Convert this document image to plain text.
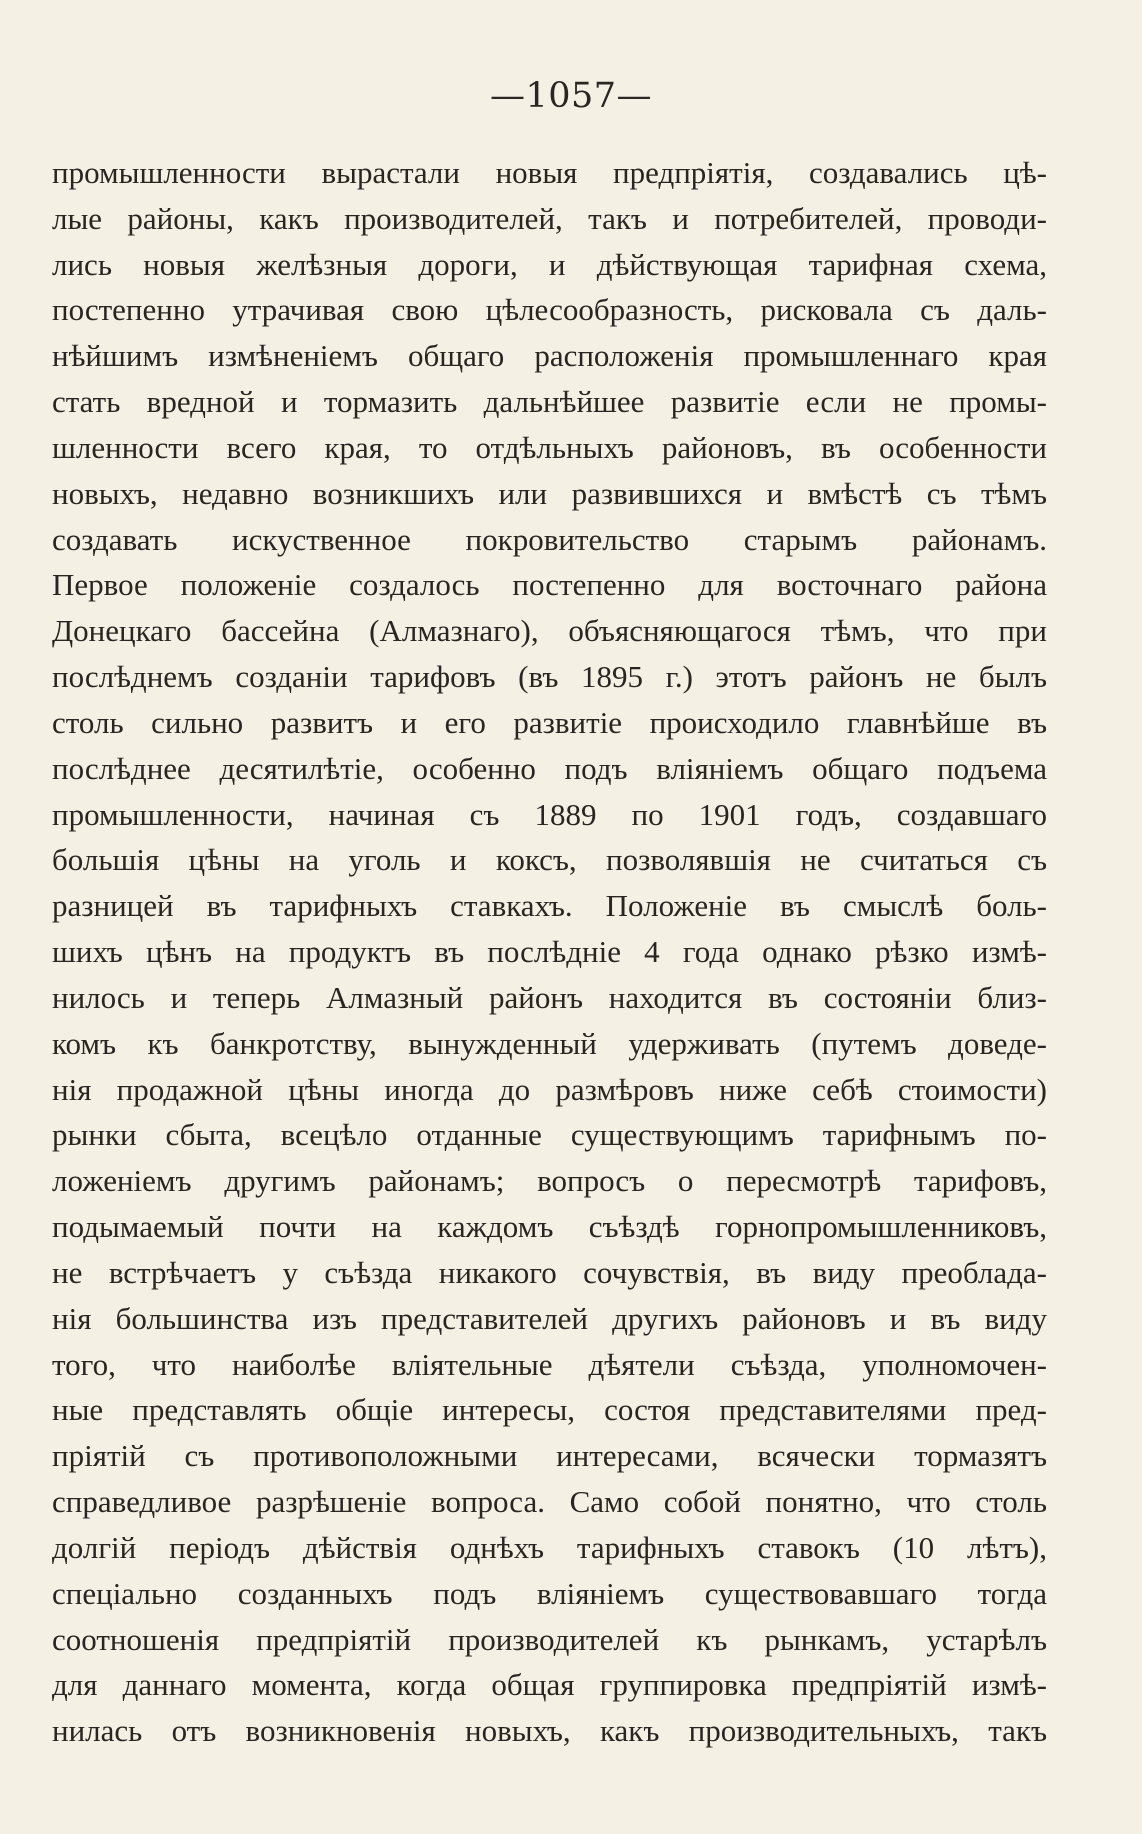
—1057—
промышленности вырастали новыя предпріятія, создавались цѣ-
лые районы, какъ производителей, такъ и потребителей, проводи-
лись новыя желѣзныя дороги, и дѣйствующая тарифная схема,
постепенно утрачивая свою цѣлесообразность, рисковала съ даль-
нѣйшимъ измѣненіемъ общаго расположенія промышленнаго края
стать вредной и тормазить дальнѣйшее развитіе если не промы-
шленности всего края, то отдѣльныхъ районовъ, въ особенности
новыхъ, недавно возникшихъ или развившихся и вмѣстѣ съ тѣмъ
создавать искуственное покровительство старымъ районамъ.
Первое положеніе создалось постепенно для восточнаго района
Донецкаго бассейна (Алмазнаго), объясняющагося тѣмъ, что при
послѣднемъ созданіи тарифовъ (въ 1895 г.) этотъ районъ не былъ
столь сильно развитъ и его развитіе происходило главнѣйше въ
послѣднее десятилѣтіе, особенно подъ вліяніемъ общаго подъема
промышленности, начиная съ 1889 по 1901 годъ, создавшаго
большія цѣны на уголь и коксъ, позволявшія не считаться съ
разницей въ тарифныхъ ставкахъ. Положеніе въ смыслѣ боль-
шихъ цѣнъ на продуктъ въ послѣдніе 4 года однако рѣзко измѣ-
нилось и теперь Алмазный районъ находится въ состояніи близ-
комъ къ банкротству, вынужденный удерживать (путемъ доведе-
нія продажной цѣны иногда до размѣровъ ниже себѣ стоимости)
рынки сбыта, всецѣло отданные существующимъ тарифнымъ по-
ложеніемъ другимъ районамъ; вопросъ о пересмотрѣ тарифовъ,
подымаемый почти на каждомъ съѣздѣ горнопромышленниковъ,
не встрѣчаетъ у съѣзда никакого сочувствія, въ виду преоблада-
нія большинства изъ представителей другихъ районовъ и въ виду
того, что наиболѣе вліятельные дѣятели съѣзда, уполномочен-
ные представлять общіе интересы, состоя представителями пред-
пріятій съ противоположными интересами, всячески тормазятъ
справедливое разрѣшеніе вопроса. Само собой понятно, что столь
долгій періодъ дѣйствія однѣхъ тарифныхъ ставокъ (10 лѣтъ),
спеціально созданныхъ подъ вліяніемъ существовавшаго тогда
соотношенія предпріятій производителей къ рынкамъ, устарѣлъ
для даннаго момента, когда общая группировка предпріятій измѣ-
нилась отъ возникновенія новыхъ, какъ производительныхъ, такъ
